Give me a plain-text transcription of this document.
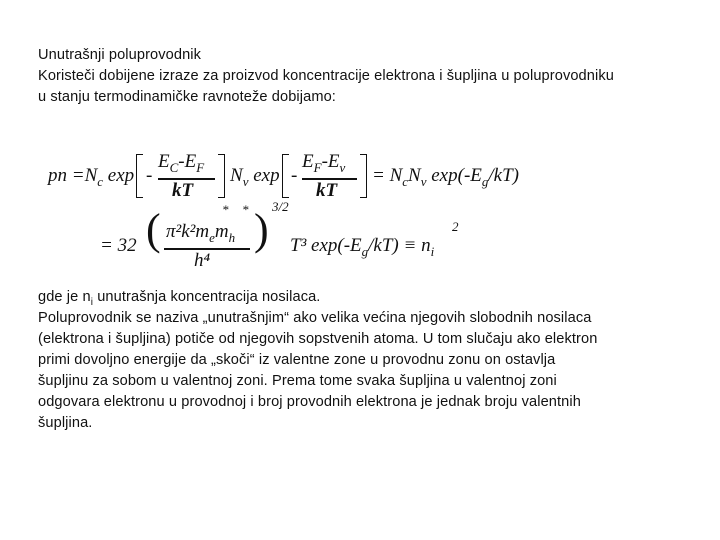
Unutrašnji poluprovodnik
Koristeči dobijene izraze za proizvod koncentracije elektrona i šupljina u poluprovodniku
u stanju termodinamičke ravnoteže dobijamo:
pn $=N_c$ exp -
$E_C-E_F$
kT
$N_v$ exp -
$E_F-E_v$
kT
= $N_cN_v$ $\exp(-E_g/kT)$
= 32 (	* *
$\pi^2k^2m_em_h$
h⁴
) 3/2
T³ $\exp(-E_g/kT) \equiv n_i$
2
gde je $n_i$ unutrašnja koncentracija nosilaca.
Poluprovodnik se naziva „unutrašnjim“ ako velika većina njegovih slobodnih nosilaca
(elektrona i šupljina) potiče od njegovih sopstvenih atoma. U tom slučaju ako elektron
primi dovoljno energije da „skoči“ iz valentne zone u provodnu zonu on ostavlja
šupljinu za sobom u valentnoj zoni. Prema tome svaka šupljina u valentnoj zoni
odgovara elektronu u provodnoj i broj provodnih elektrona je jednak broju valentnih
šupljina.
